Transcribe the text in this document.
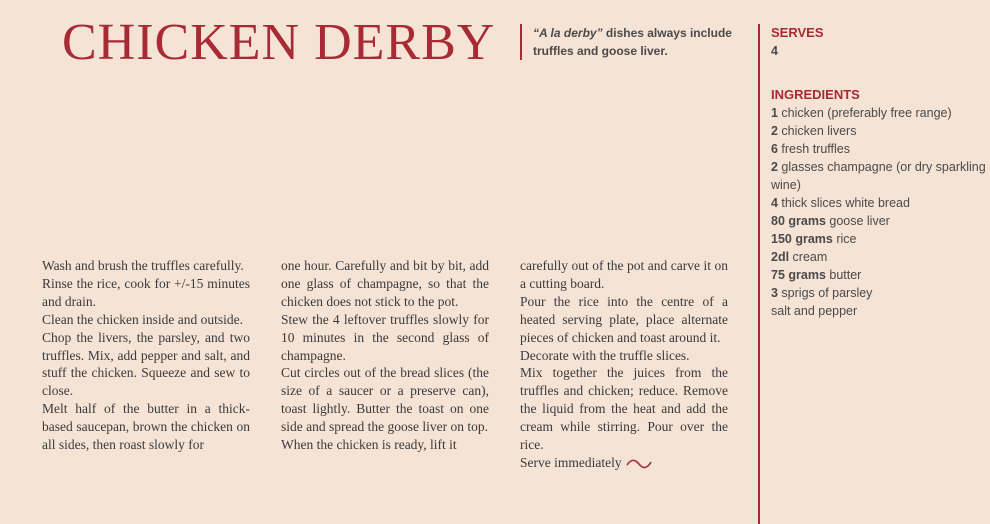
CHICKEN DERBY	“A la derby” dishes always include truffles and goose liver.
SERVES
4
INGREDIENTS
1 chicken (preferably free range)
2 chicken livers
6 fresh truffles
2 glasses champagne (or dry sparkling wine)
4 thick slices white bread
80 grams goose liver
150 grams rice
2dl cream
75 grams butter
3 sprigs of parsley
salt and pepper

Wash and brush the truffles carefully.

Rinse the rice, cook for +/-15 minutes and drain.

Clean the chicken inside and outside.

Chop the livers, the parsley, and two truffles. Mix, add pepper and salt, and stuff the chicken. Squeeze and sew to close.

Melt half of the butter in a thick-based saucepan, brown the chicken on all sides, then roast slowly for

one hour. Carefully and bit by bit, add one glass of champagne, so that the chicken does not stick to the pot.

Stew the 4 leftover truffles slowly for 10 minutes in the second glass of champagne.

Cut circles out of the bread slices (the size of a saucer or a preserve can), toast lightly. Butter the toast on one side and spread the goose liver on top.

When the chicken is ready, lift it

carefully out of the pot and carve it on a cutting board.

Pour the rice into the centre of a heated serving plate, place alternate pieces of chicken and toast around it.

Decorate with the truffle slices.

Mix together the juices from the truffles and chicken; reduce. Remove the liquid from the heat and add the cream while stirring. Pour over the rice.

Serve immediately
